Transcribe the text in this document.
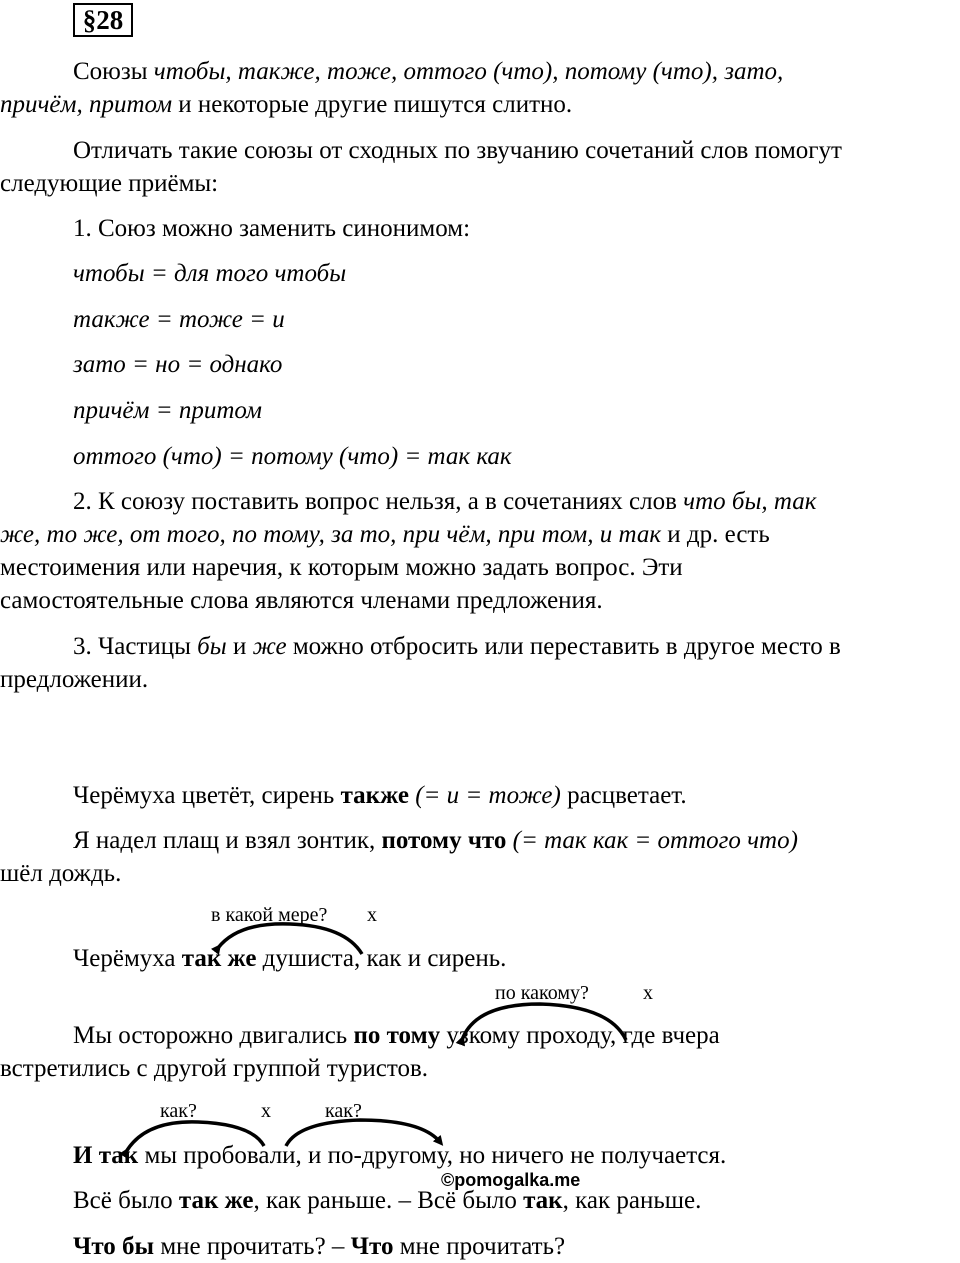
§28

Союзы чтобы, также, тоже, оттого (что), потому (что), зато,
причём, притом и некоторые другие пишутся слитно.

Отличать такие союзы от сходных по звучанию сочетаний слов помогут следующие приёмы:

1. Союз можно заменить синонимом:

чтобы = для того чтобы

также = тоже = и

зато = но = однако

причём = притом

оттого (что) = потому (что) = так как

2. К союзу поставить вопрос нельзя, а в сочетаниях слов что бы, так
же, то же, от того, по тому, за то, при чём, при том, и так и др. есть
местоимения или наречия, к которым можно задать вопрос. Эти
самостоятельные слова являются членами предложения.

3. Частицы бы и же можно отбросить или переставить в другое место в
предложении.

Черёмуха цветёт, сирень также (= и = тоже) расцветает.

Я надел плащ и взял зонтик, потому что (= так как = оттого что)
шёл дождь.

в какой мере? x

Черёмуха так же душиста, как и сирень.

по какому?	x

Мы осторожно двигались по тому узкому проходу, где вчера
встретились с другой группой туристов.

как?	x	как?

И так мы пробовали, и по-другому, но ничего не получается.

Всё было так же, как раньше. – Всё было так, как раньше.

Что бы мне прочитать? – Что мне прочитать?

©pomogalka.me
